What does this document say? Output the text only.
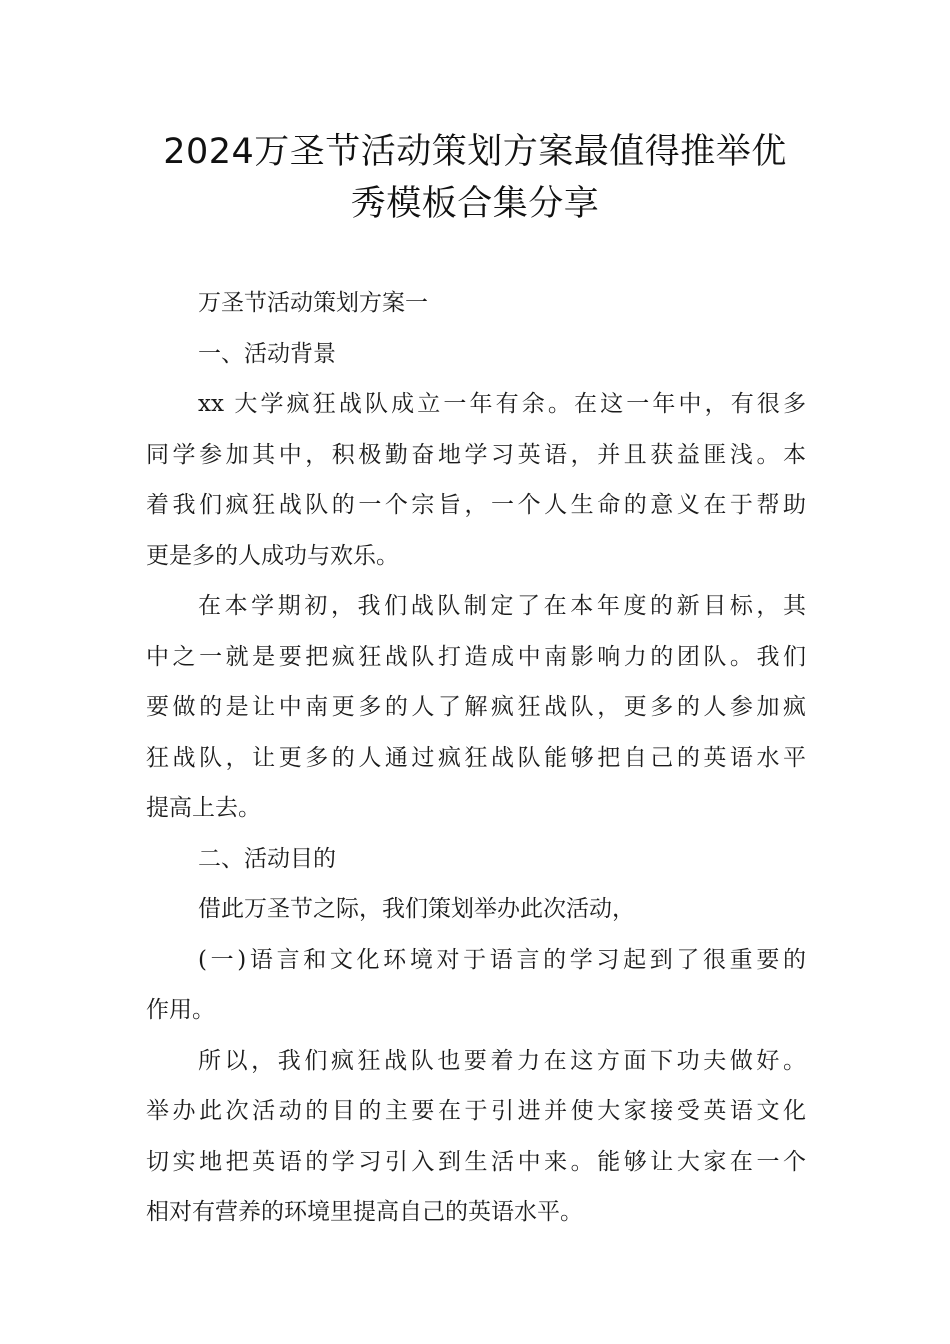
2024万圣节活动策划方案最值得推举优
秀模板合集分享
万圣节活动策划方案一
一、活动背景
xx 大学疯狂战队成立一年有余。在这一年中，有很多
同学参加其中，积极勤奋地学习英语，并且获益匪浅。本
着我们疯狂战队的一个宗旨，一个人生命的意义在于帮助
更是多的人成功与欢乐。
在本学期初，我们战队制定了在本年度的新目标，其
中之一就是要把疯狂战队打造成中南影响力的团队。我们
要做的是让中南更多的人了解疯狂战队，更多的人参加疯
狂战队，让更多的人通过疯狂战队能够把自己的英语水平
提高上去。
二、活动目的
借此万圣节之际，我们策划举办此次活动，
(一)语言和文化环境对于语言的学习起到了很重要的
作用。
所以，我们疯狂战队也要着力在这方面下功夫做好。
举办此次活动的目的主要在于引进并使大家接受英语文化
切实地把英语的学习引入到生活中来。能够让大家在一个
相对有营养的环境里提高自己的英语水平。
